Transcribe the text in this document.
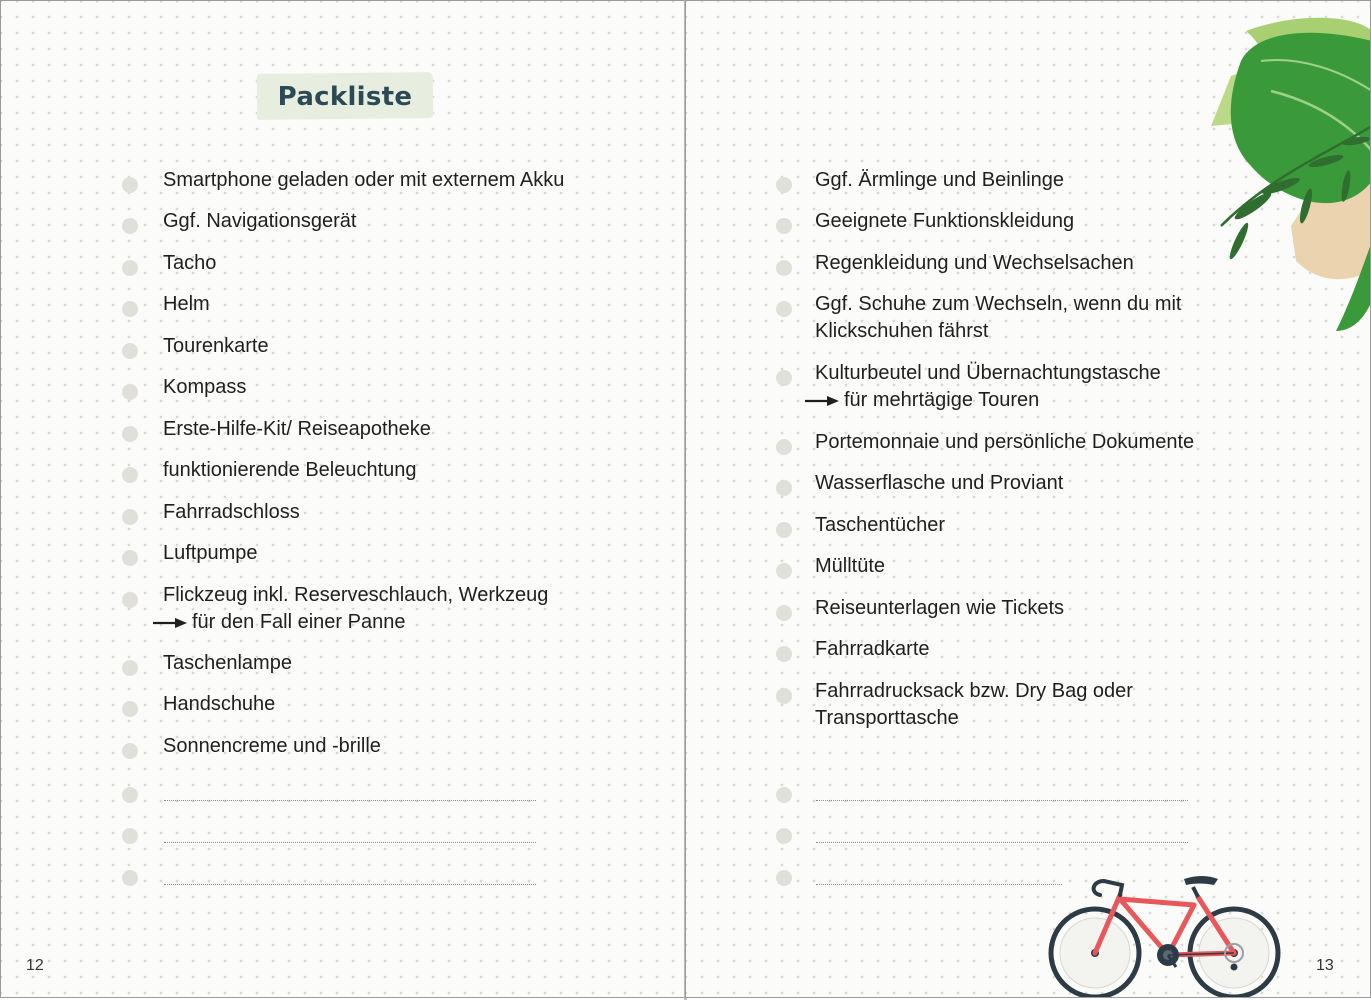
Packliste
Smartphone geladen oder mit externem Akku
Ggf. Navigationsgerät
Tacho
Helm
Tourenkarte
Kompass
Erste-Hilfe-Kit/ Reiseapotheke
funktionierende Beleuchtung
Fahrradschloss
Luftpumpe
Flickzeug inkl. Reserveschlauch, Werkzeug
für den Fall einer Panne
Taschenlampe
Handschuhe
Sonnencreme und -brille
12
Ggf. Ärmlinge und Beinlinge
Geeignete Funktionskleidung
Regenkleidung und Wechselsachen
Ggf. Schuhe zum Wechseln, wenn du mit
Klickschuhen fährst
Kulturbeutel und Übernachtungstasche
für mehrtägige Touren
Portemonnaie und persönliche Dokumente
Wasserflasche und Proviant
Taschentücher
Mülltüte
Reiseunterlagen wie Tickets
Fahrradkarte
Fahrradrucksack bzw. Dry Bag oder
Transporttasche
13
